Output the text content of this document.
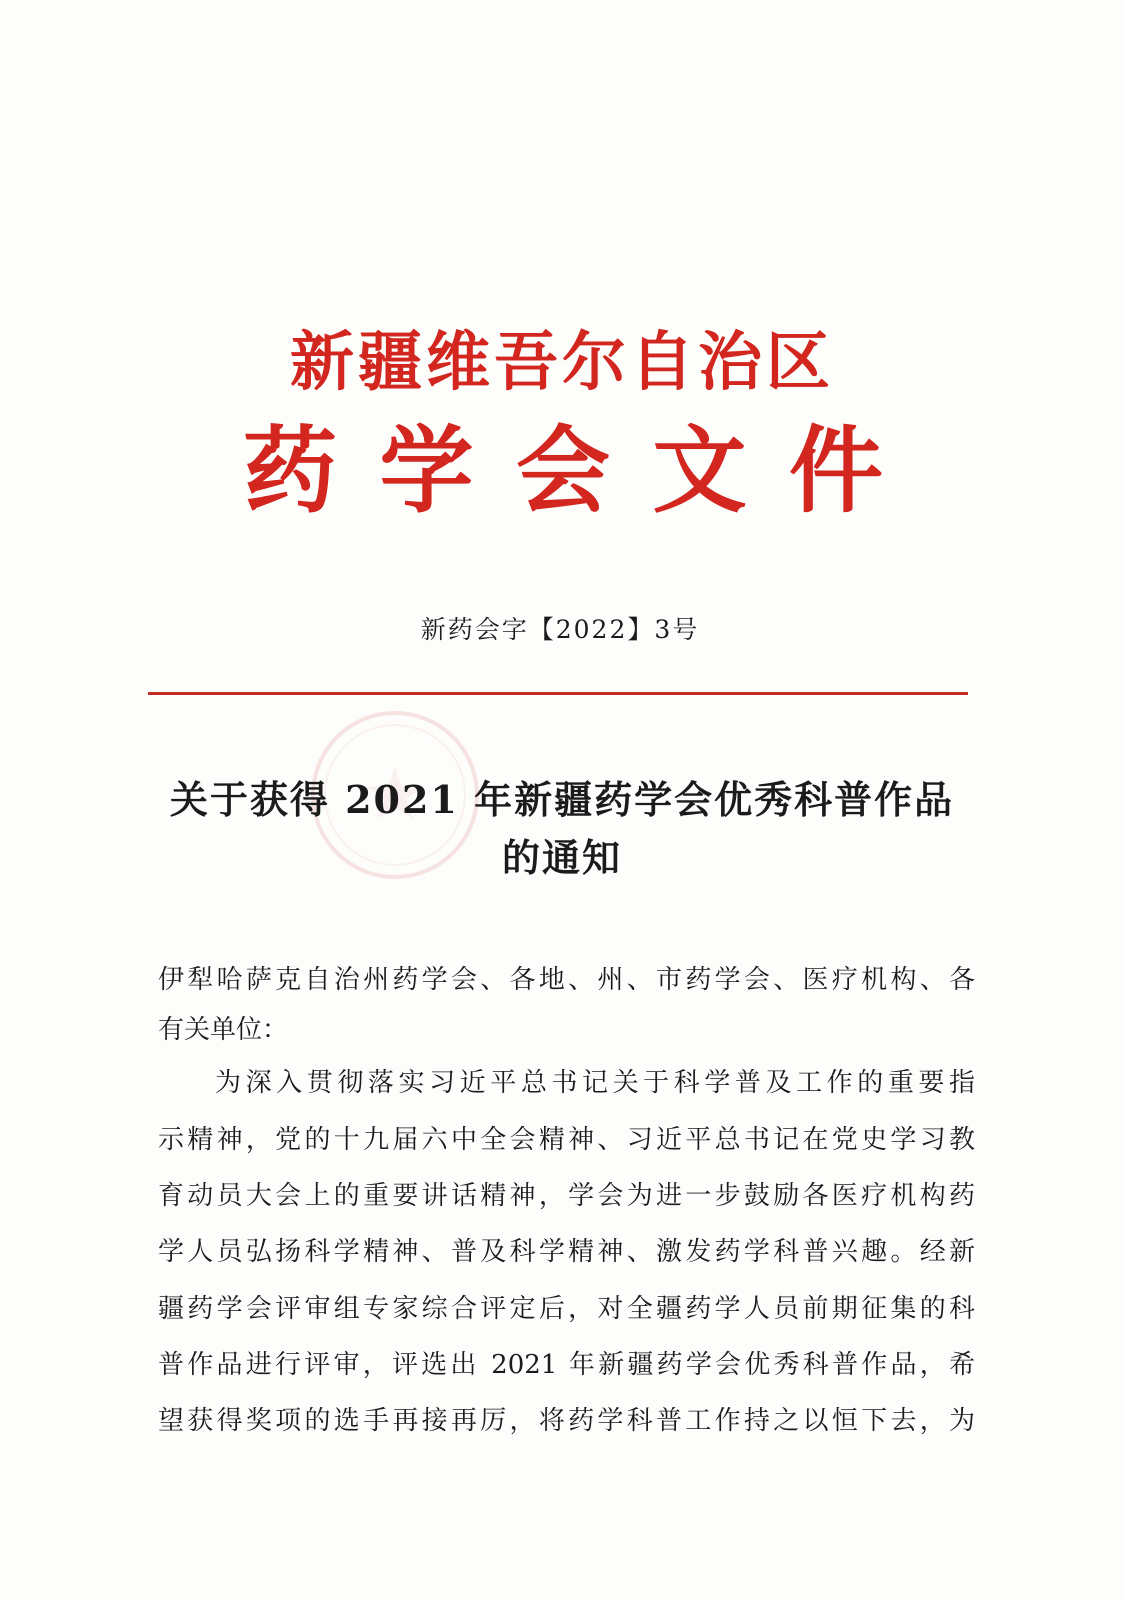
新疆维吾尔自治区
药学会文件
新药会字【2022】3号
关于获得 2021 年新疆药学会优秀科普作品
的通知
伊犁哈萨克自治州药学会、各地、州、市药学会、医疗机构、各
有关单位：
为深入贯彻落实习近平总书记关于科学普及工作的重要指
示精神，党的十九届六中全会精神、习近平总书记在党史学习教
育动员大会上的重要讲话精神，学会为进一步鼓励各医疗机构药
学人员弘扬科学精神、普及科学精神、激发药学科普兴趣。经新
疆药学会评审组专家综合评定后，对全疆药学人员前期征集的科
普作品进行评审，评选出 2021 年新疆药学会优秀科普作品，希
望获得奖项的选手再接再厉，将药学科普工作持之以恒下去，为
